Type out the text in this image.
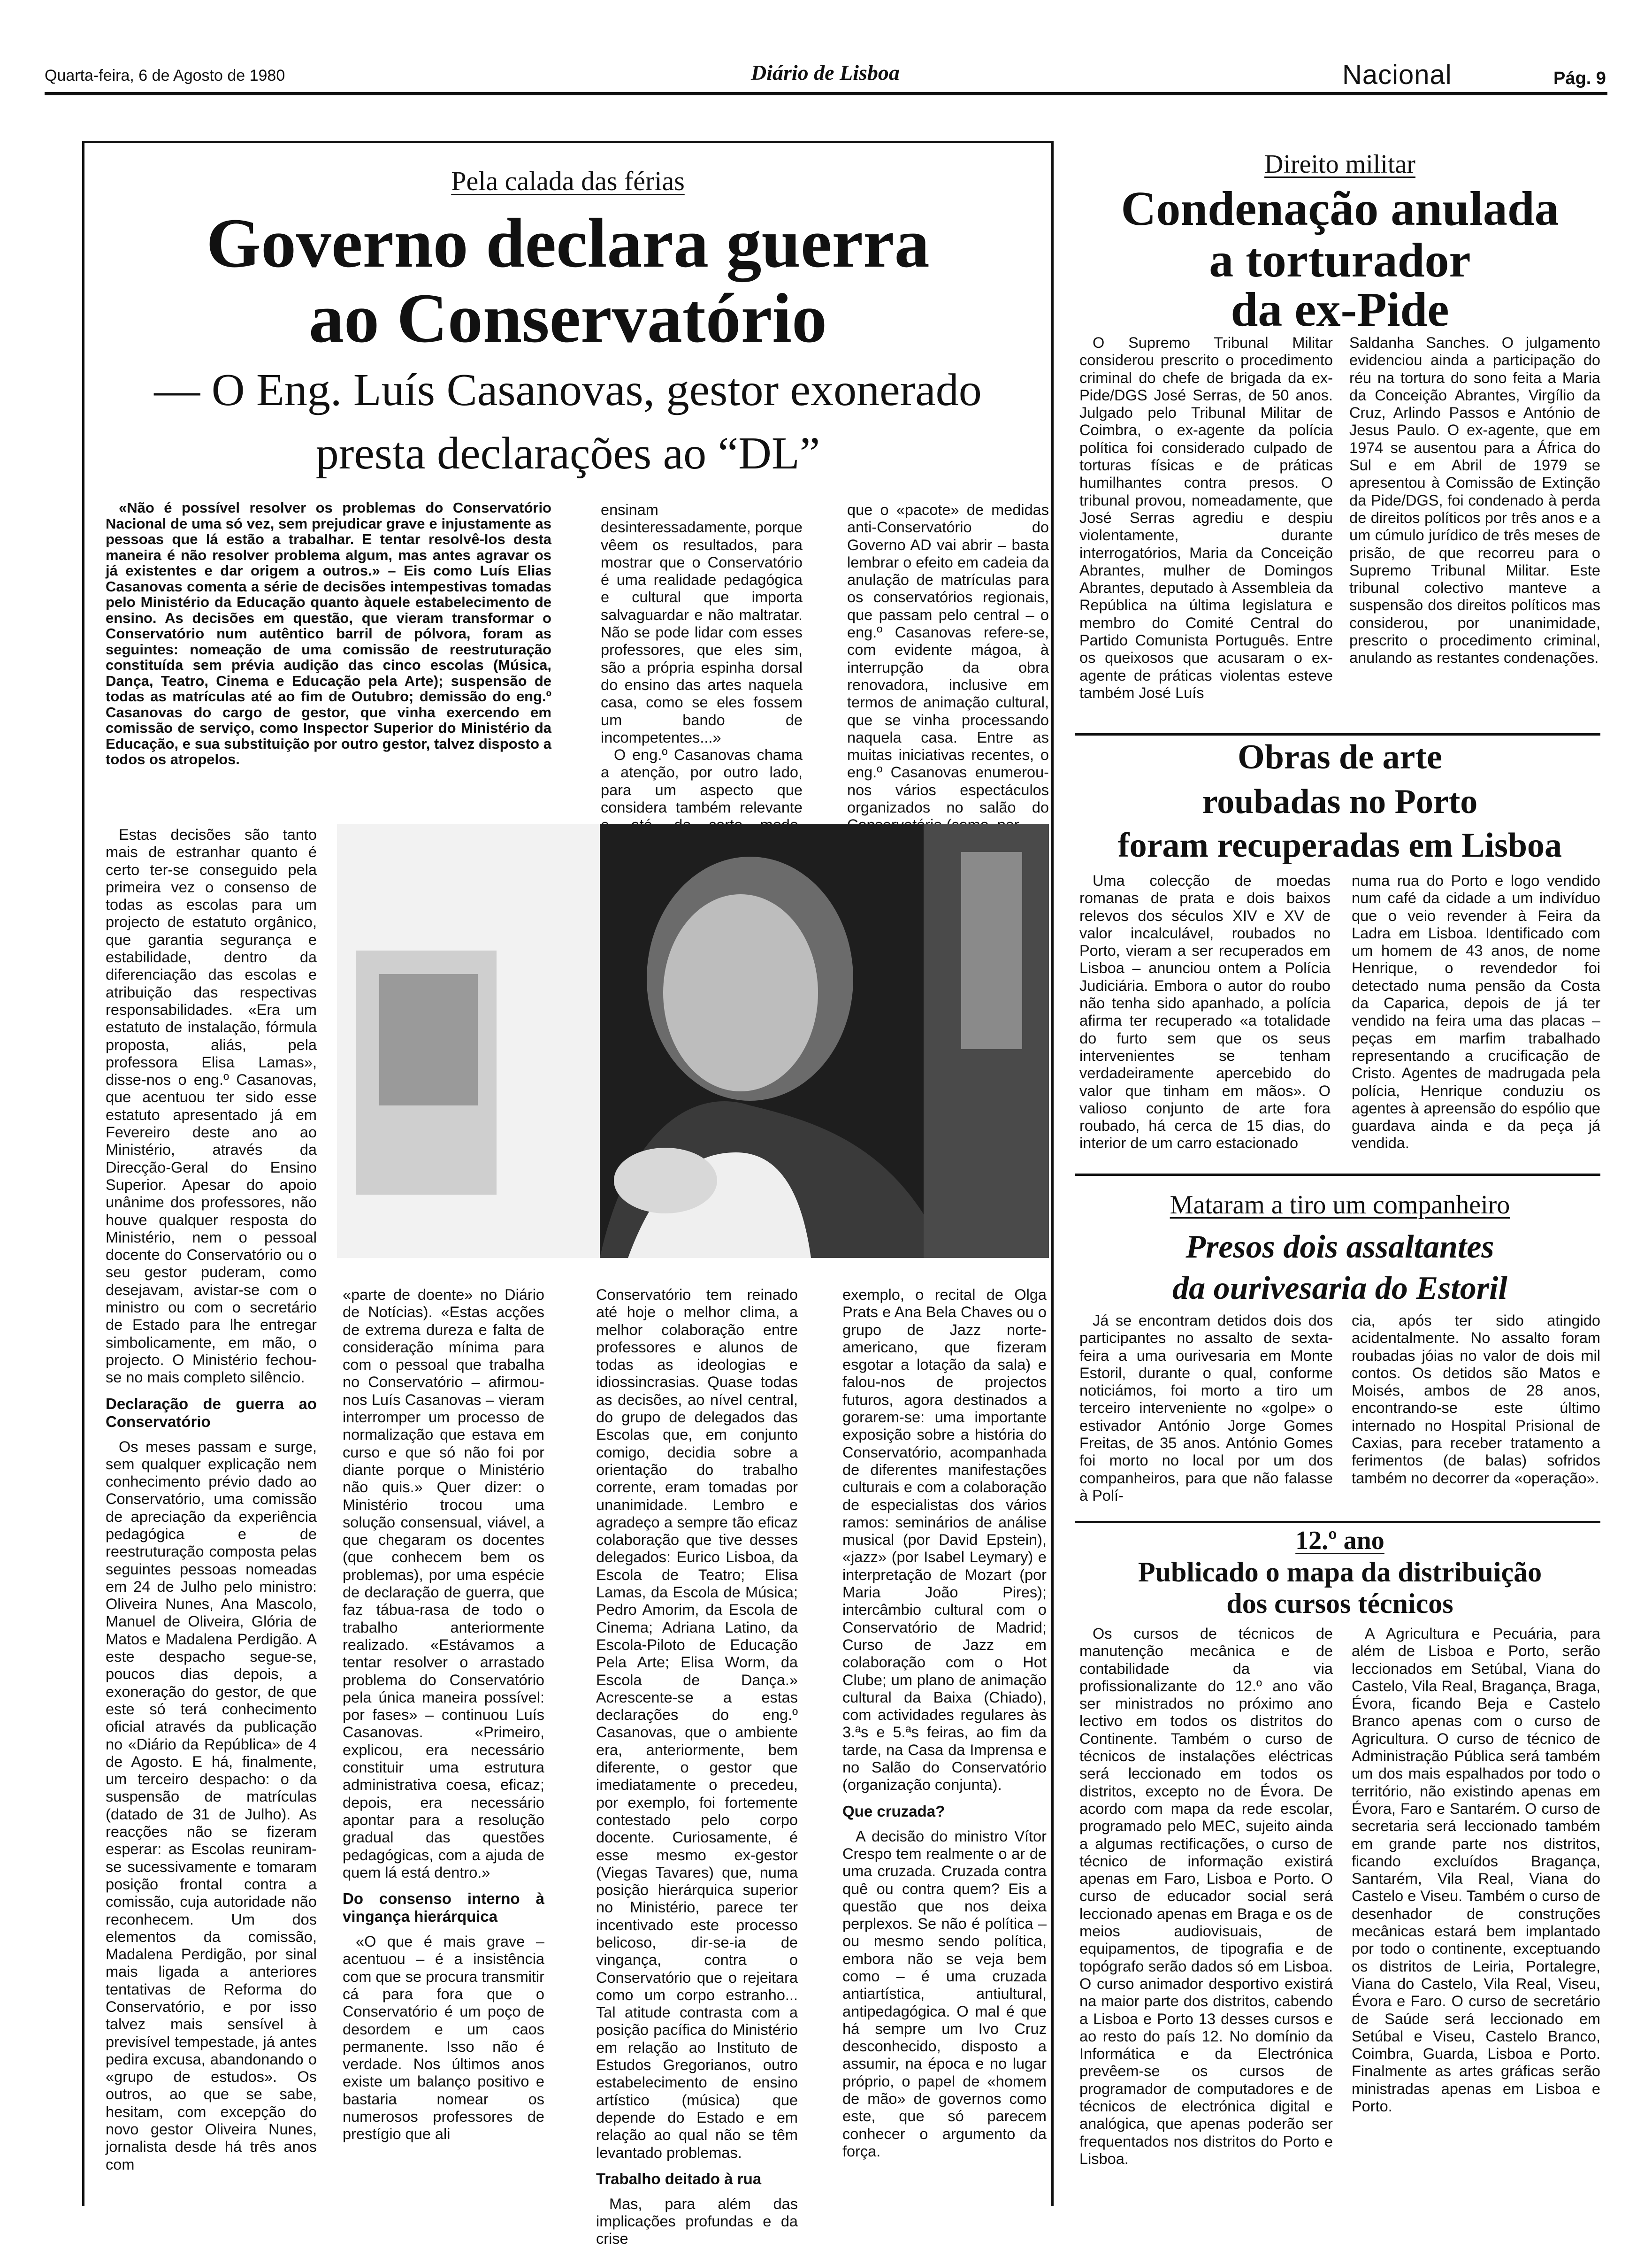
Quarta-feira, 6 de Agosto de 1980	Diário de Lisboa	Nacional	Pág. 9
Pela calada das férias
Governo declara guerra
ao Conservatório
— O Eng. Luís Casanovas, gestor exonerado
presta declarações ao “DL”

«Não é possível resolver os problemas do Conservatório Nacional de uma só vez, sem prejudicar grave e injustamente as pessoas que lá estão a trabalhar. E tentar resolvê-los desta maneira é não resolver problema algum, mas antes agravar os já existentes e dar origem a outros.» – Eis como Luís Elias Casanovas comenta a série de decisões intempestivas tomadas pelo Ministério da Educação quanto àquele estabelecimento de ensino. As decisões em questão, que vieram transformar o Conservatório num autêntico barril de pólvora, foram as seguintes: nomeação de uma comissão de reestruturação constituída sem prévia audição das cinco escolas (Música, Dança, Teatro, Cinema e Educação pela Arte); suspensão de todas as matrículas até ao fim de Outubro; demissão do eng.º Casanovas do cargo de gestor, que vinha exercendo em comissão de serviço, como Inspector Superior do Ministério da Educação, e sua substituição por outro gestor, talvez disposto a todos os atropelos.

ensinam desinteressadamente, porque vêem os resultados, para mostrar que o Conservatório é uma realidade pedagógica e cultural que importa salvaguardar e não maltratar. Não se pode lidar com esses professores, que eles sim, são a própria espinha dorsal do ensino das artes naquela casa, como se eles fossem um bando de incompetentes...»

O eng.º Casanovas chama a atenção, por outro lado, para um aspecto que considera também relevante

que o «pacote» de medidas anti-Conservatório do Governo AD vai abrir – basta lembrar o efeito em cadeia da anulação de matrículas para os conservatórios regionais, que passam pelo central – o eng.º Casanovas refere-se, com evidente mágoa, à interrupção da obra renovadora, inclusive em termos de animação cultural, que se vinha processando naquela casa. Entre as muitas iniciativas recentes, o eng.º Casanovas enumerou-nos vários espectáculos organizados no salão do

Estas decisões são tanto mais de estranhar quanto é certo ter-se conseguido pela primeira vez o consenso de todas as escolas para um projecto de estatuto orgânico, que garantia segurança e estabilidade, dentro da diferenciação das escolas e atribuição das respectivas responsabilidades. «Era um estatuto de instalação, fórmula proposta, aliás, pela professora Elisa Lamas», disse-nos o eng.º Casanovas, que acentuou ter sido esse estatuto apresentado já em Fevereiro deste ano ao Ministério, através da Direcção-Geral do Ensino Superior. Apesar do apoio unânime dos professores, não houve qualquer resposta do Ministério, nem o pessoal docente do Conservatório ou o seu gestor puderam, como desejavam, avistar-se com o ministro ou com o secretário de Estado para lhe entregar simbolicamente, em mão, o projecto. O Ministério fechou-se no mais completo silêncio.

Declaração de guerra ao Conservatório

Os meses passam e surge, sem qualquer explicação nem conhecimento prévio dado ao Conservatório, uma comissão de apreciação da experiência pedagógica e de reestruturação composta pelas seguintes pessoas nomeadas em 24 de Julho pelo ministro: Oliveira Nunes, Ana Mascolo, Manuel de Oliveira, Glória de Matos e Madalena Perdigão. A este despacho segue-se, poucos dias depois, a exoneração do gestor, de que este só terá conhecimento oficial através da publicação no «Diário da República» de 4 de Agosto. E há, finalmente, um terceiro despacho: o da suspensão de matrículas (datado de 31 de Julho). As reacções não se fizeram esperar: as Escolas reuniram-se sucessivamente e tomaram posição frontal contra a comissão, cuja autoridade não reconhecem. Um dos elementos da comissão, Madalena Perdigão, por sinal mais ligada a anteriores tentativas de Reforma do Conservatório, e por isso talvez mais sensível à previsível tempestade, já antes pedira excusa, abandonando o «grupo de estudos». Os outros, ao que se sabe, hesitam, com excepção do novo gestor Oliveira Nunes, jornalista desde há três anos com

«parte de doente» no Diário de Notícias). «Estas acções de extrema dureza e falta de consideração mínima para com o pessoal que trabalha no Conservatório – afirmou-nos Luís Casanovas – vieram interromper um processo de normalização que estava em curso e que só não foi por diante porque o Ministério não quis.» Quer dizer: o Ministério trocou uma solução consensual, viável, a que chegaram os docentes (que conhecem bem os problemas), por uma espécie de declaração de guerra, que faz tábua-rasa de todo o trabalho anteriormente realizado. «Estávamos a tentar resolver o arrastado problema do Conservatório pela única maneira possível: por fases» – continuou Luís Casanovas. «Primeiro, explicou, era necessário constituir uma estrutura administrativa coesa, eficaz; depois, era necessário apontar para a resolução gradual das questões pedagógicas, com a ajuda de quem lá está dentro.»

Do consenso interno à vingança hierárquica

«O que é mais grave – acentuou – é a insistência com que se procura transmitir cá para fora que o Conservatório é um poço de desordem e um caos permanente. Isso não é verdade. Nos últimos anos existe um balanço positivo e bastaria nomear os numerosos professores de prestígio que ali

Conservatório tem reinado até hoje o melhor clima, a melhor colaboração entre professores e alunos de todas as ideologias e idiossincrasias. Quase todas as decisões, ao nível central, do grupo de delegados das Escolas que, em conjunto comigo, decidia sobre a orientação do trabalho corrente, eram tomadas por unanimidade. Lembro e agradeço a sempre tão eficaz colaboração que tive desses delegados: Eurico Lisboa, da Escola de Teatro; Elisa Lamas, da Escola de Música; Pedro Amorim, da Escola de Cinema; Adriana Latino, da Escola-Piloto de Educação Pela Arte; Elisa Worm, da Escola de Dança.» Acrescente-se a estas declarações do eng.º Casanovas, que o ambiente era, anteriormente, bem diferente, o gestor que imediatamente o precedeu, por exemplo, foi fortemente contestado pelo corpo docente. Curiosamente, é esse mesmo ex-gestor (Viegas Tavares) que, numa posição hierárquica superior no Ministério, parece ter incentivado este processo belicoso, dir-se-ia de vingança, contra o Conservatório que o rejeitara como um corpo estranho... Tal atitude contrasta com a posição pacífica do Ministério em relação ao Instituto de Estudos Gregorianos, outro estabelecimento de ensino artístico (música) que depende do Estado e em relação ao qual não se têm levantado problemas.

Trabalho deitado à rua

Mas, para além das implicações profundas e da crise

exemplo, o recital de Olga Prats e Ana Bela Chaves ou o grupo de Jazz norte-americano, que fizeram esgotar a lotação da sala) e falou-nos de projectos futuros, agora destinados a gorarem-se: uma importante exposição sobre a história do Conservatório, acompanhada de diferentes manifestações culturais e com a colaboração de especialistas dos vários ramos: seminários de análise musical (por David Epstein), «jazz» (por Isabel Leymary) e interpretação de Mozart (por Maria João Pires); intercâmbio cultural com o Conservatório de Madrid; Curso de Jazz em colaboração com o Hot Clube; um plano de animação cultural da Baixa (Chiado), com actividades regulares às 3.ªs e 5.ªs feiras, ao fim da tarde, na Casa da Imprensa e no Salão do Conservatório (organização conjunta).

Que cruzada?

A decisão do ministro Vítor Crespo tem realmente o ar de uma cruzada. Cruzada contra quê ou contra quem? Eis a questão que nos deixa perplexos. Se não é política – ou mesmo sendo política, embora não se veja bem como – é uma cruzada antiartística, antiultural, antipedagógica. O mal é que há sempre um Ivo Cruz desconhecido, disposto a assumir, na época e no lugar próprio, o papel de «homem de mão» de governos como este, que só parecem conhecer o argumento da força.

Direito militar
Condenação anulada
a torturador
da ex-Pide

O Supremo Tribunal Militar considerou prescrito o procedimento criminal do chefe de brigada da ex-Pide/DGS José Serras, de 50 anos. Julgado pelo Tribunal Militar de Coimbra, o ex-agente da polícia política foi considerado culpado de torturas físicas e de práticas humilhantes contra presos. O tribunal provou, nomeadamente, que José Serras agrediu e despiu violentamente, durante interrogatórios, Maria da Conceição Abrantes, mulher de Domingos Abrantes, deputado à Assembleia da República na última legislatura e membro do Comité Central do Partido Comunista Português. Entre os queixosos que acusaram o ex-agente de práticas violentas esteve também José Luís

Saldanha Sanches. O julgamento evidenciou ainda a participação do réu na tortura do sono feita a Maria da Conceição Abrantes, Virgílio da Cruz, Arlindo Passos e António de Jesus Paulo. O ex-agente, que em 1974 se ausentou para a África do Sul e em Abril de 1979 se apresentou à Comissão de Extinção da Pide/DGS, foi condenado à perda de direitos políticos por três anos e a um cúmulo jurídico de três meses de prisão, de que recorreu para o Supremo Tribunal Militar. Este tribunal colectivo manteve a suspensão dos direitos políticos mas considerou, por unanimidade, prescrito o procedimento criminal, anulando as restantes condenações.

Obras de arte
roubadas no Porto
foram recuperadas em Lisboa

Uma colecção de moedas romanas de prata e dois baixos relevos dos séculos XIV e XV de valor incalculável, roubados no Porto, vieram a ser recuperados em Lisboa – anunciou ontem a Polícia Judiciária. Embora o autor do roubo não tenha sido apanhado, a polícia afirma ter recuperado «a totalidade do furto sem que os seus intervenientes se tenham verdadeiramente apercebido do valor que tinham em mãos». O valioso conjunto de arte fora roubado, há cerca de 15 dias, do interior de um carro estacionado

numa rua do Porto e logo vendido num café da cidade a um indivíduo que o veio revender à Feira da Ladra em Lisboa. Identificado com um homem de 43 anos, de nome Henrique, o revendedor foi detectado numa pensão da Costa da Caparica, depois de já ter vendido na feira uma das placas – peças em marfim trabalhado representando a crucificação de Cristo. Agentes de madrugada pela polícia, Henrique conduziu os agentes à apreensão do espólio que guardava ainda e da peça já vendida.

Mataram a tiro um companheiro
Presos dois assaltantes
da ourivesaria do Estoril

Já se encontram detidos dois dos participantes no assalto de sexta-feira a uma ourivesaria em Monte Estoril, durante o qual, conforme noticiámos, foi morto a tiro um terceiro interveniente no «golpe» o estivador António Jorge Gomes Freitas, de 35 anos. António Gomes foi morto no local por um dos companheiros, para que não falasse à Polí-

cia, após ter sido atingido acidentalmente. No assalto foram roubadas jóias no valor de dois mil contos. Os detidos são Matos e Moisés, ambos de 28 anos, encontrando-se este último internado no Hospital Prisional de Caxias, para receber tratamento a ferimentos (de balas) sofridos também no decorrer da «operação».

12.º ano
Publicado o mapa da distribuição
dos cursos técnicos

Os cursos de técnicos de manutenção mecânica e de contabilidade da via profissionalizante do 12.º ano vão ser ministrados no próximo ano lectivo em todos os distritos do Continente. Também o curso de técnicos de instalações eléctricas será leccionado em todos os distritos, excepto no de Évora. De acordo com mapa da rede escolar, programado pelo MEC, sujeito ainda a algumas rectificações, o curso de técnico de informação existirá apenas em Faro, Lisboa e Porto. O curso de educador social será leccionado apenas em Braga e os de meios audiovisuais, de equipamentos, de tipografia e de topógrafo serão dados só em Lisboa. O curso animador desportivo existirá na maior parte dos distritos, cabendo a Lisboa e Porto 13 desses cursos e ao resto do país 12. No domínio da Informática e da Electrónica prevêem-se os cursos de programador de computadores e de técnicos de electrónica digital e analógica, que apenas poderão ser frequentados nos distritos do Porto e Lisboa.

A Agricultura e Pecuária, para além de Lisboa e Porto, serão leccionados em Setúbal, Viana do Castelo, Vila Real, Bragança, Braga, Évora, ficando Beja e Castelo Branco apenas com o curso de Agricultura. O curso de técnico de Administração Pública será também um dos mais espalhados por todo o território, não existindo apenas em Évora, Faro e Santarém. O curso de secretaria será leccionado também em grande parte nos distritos, ficando excluídos Bragança, Santarém, Vila Real, Viana do Castelo e Viseu. Também o curso de desenhador de construções mecânicas estará bem implantado por todo o continente, exceptuando os distritos de Leiria, Portalegre, Viana do Castelo, Vila Real, Viseu, Évora e Faro. O curso de secretário de Saúde será leccionado em Setúbal e Viseu, Castelo Branco, Coimbra, Guarda, Lisboa e Porto. Finalmente as artes gráficas serão ministradas apenas em Lisboa e Porto.
